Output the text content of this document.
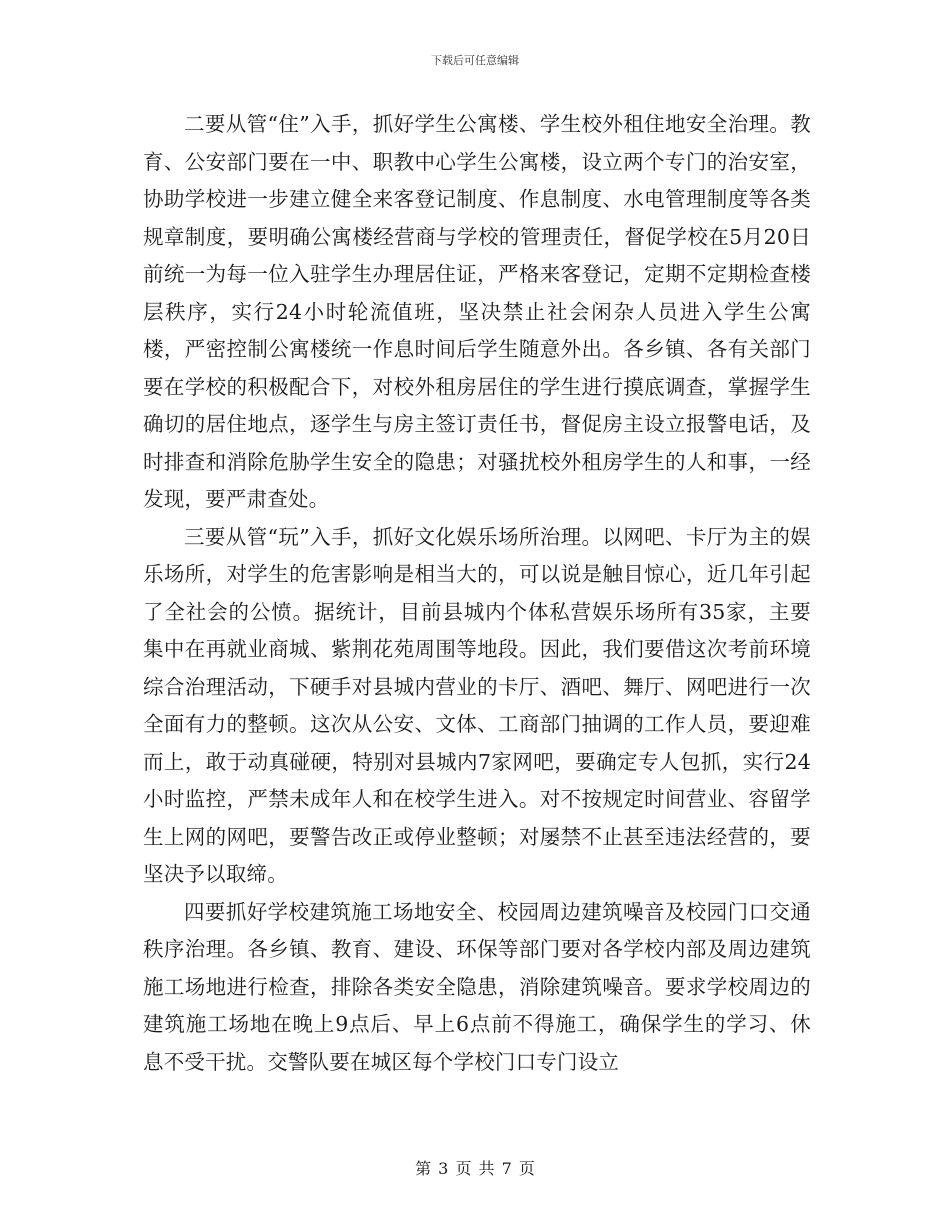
下载后可任意编辑

二要从管“住”入手，抓好学生公寓楼、学生校外租住地安全治理。教育、公安部门要在一中、职教中心学生公寓楼，设立两个专门的治安室，协助学校进一步建立健全来客登记制度、作息制度、水电管理制度等各类规章制度，要明确公寓楼经营商与学校的管理责任，督促学校在5月20日前统一为每一位入驻学生办理居住证，严格来客登记，定期不定期检查楼层秩序，实行24小时轮流值班，坚决禁止社会闲杂人员进入学生公寓楼，严密控制公寓楼统一作息时间后学生随意外出。各乡镇、各有关部门要在学校的积极配合下，对校外租房居住的学生进行摸底调查，掌握学生确切的居住地点，逐学生与房主签订责任书，督促房主设立报警电话，及时排查和消除危胁学生安全的隐患；对骚扰校外租房学生的人和事，一经发现，要严肃查处。

三要从管“玩”入手，抓好文化娱乐场所治理。以网吧、卡厅为主的娱乐场所，对学生的危害影响是相当大的，可以说是触目惊心，近几年引起了全社会的公愤。据统计，目前县城内个体私营娱乐场所有35家，主要集中在再就业商城、紫荆花苑周围等地段。因此，我们要借这次考前环境综合治理活动，下硬手对县城内营业的卡厅、酒吧、舞厅、网吧进行一次全面有力的整顿。这次从公安、文体、工商部门抽调的工作人员，要迎难而上，敢于动真碰硬，特别对县城内7家网吧，要确定专人包抓，实行24小时监控，严禁未成年人和在校学生进入。对不按规定时间营业、容留学生上网的网吧，要警告改正或停业整顿；对屡禁不止甚至违法经营的，要坚决予以取缔。

四要抓好学校建筑施工场地安全、校园周边建筑噪音及校园门口交通秩序治理。各乡镇、教育、建设、环保等部门要对各学校内部及周边建筑施工场地进行检查，排除各类安全隐患，消除建筑噪音。要求学校周边的建筑施工场地在晚上9点后、早上6点前不得施工，确保学生的学习、休息不受干扰。交警队要在城区每个学校门口专门设立

第 3 页 共 7 页
